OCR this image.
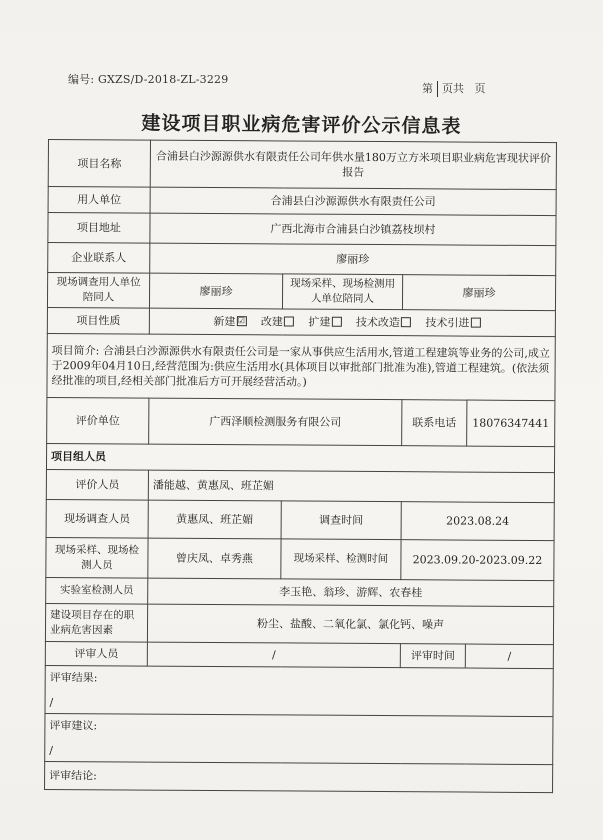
编号: GXZS/D-2018-ZL-3229
第 页共 页
建设项目职业病危害评价公示信息表
项目名称	合浦县白沙源源供水有限责任公司年供水量180万立方米项目职业病危害现状评价报告			
用人单位	合浦县白沙源源供水有限责任公司			
项目地址	广西北海市合浦县白沙镇荔枝坝村			
企业联系人	廖丽珍			
现场调查用人单位陪同人	廖丽珍	现场采样、现场检测用人单位陪同人	廖丽珍	
项目性质	新建 ☑ 改建 扩建 技术改造 技术引进			
项目简介: 合浦县白沙源源供水有限责任公司是一家从事供应生活用水,管道工程建筑等业务的公司,成立于2009年04月10日,经营范围为:供应生活用水(具体项目以审批部门批准为准),管道工程建筑。(依法须经批准的项目,经相关部门批准后方可开展经营活动。)				
评价单位	广西泽顺检测服务有限公司		联系电话	18076347441
项目组人员				
评价人员	潘能越、黄惠凤、班芷媚			
现场调查人员	黄惠凤、班芷媚	调查时间	2023.08.24	
现场采样、现场检测人员	曾庆凤、卓秀燕	现场采样、检测时间	2023.09.20-2023.09.22	
实验室检测人员	李玉艳、翁珍、游辉、农春桂			
建设项目存在的职业病危害因素	粉尘、盐酸、二氧化氯、氯化钙、噪声			
评审人员	/		评审时间	/

评审结果:
/				

评审建议:
/				

评审结论:				
